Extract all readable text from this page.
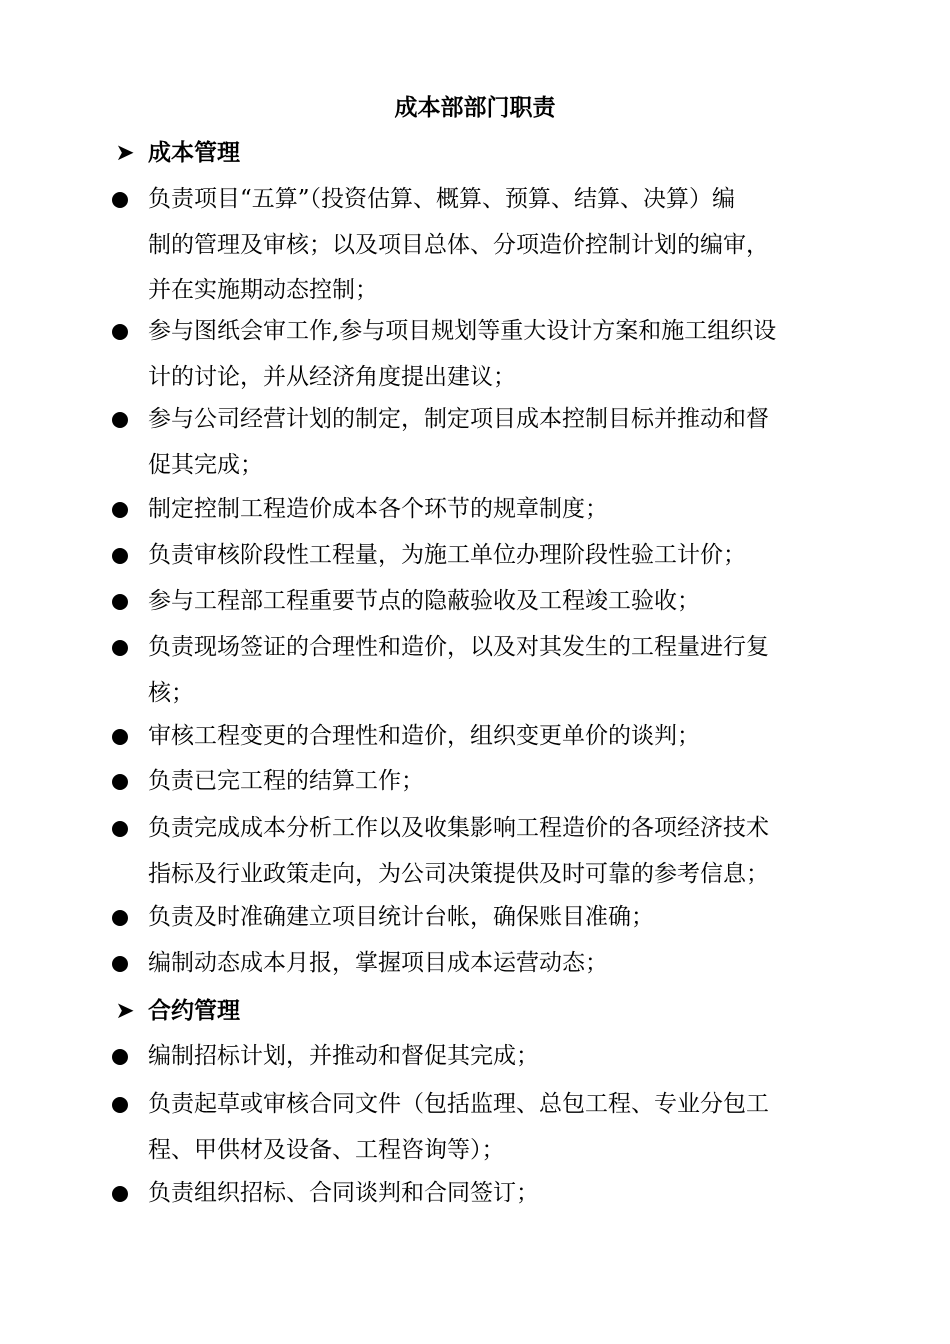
成本部部门职责
➤ 成本管理
负责项目“五算”（投资估算、概算、预算、结算、决算）编
制的管理及审核；以及项目总体、分项造价控制计划的编审，
并在实施期动态控制；
参与图纸会审工作,参与项目规划等重大设计方案和施工组织设
计的讨论，并从经济角度提出建议；
参与公司经营计划的制定，制定项目成本控制目标并推动和督
促其完成；
制定控制工程造价成本各个环节的规章制度；
负责审核阶段性工程量，为施工单位办理阶段性验工计价；
参与工程部工程重要节点的隐蔽验收及工程竣工验收；
负责现场签证的合理性和造价，以及对其发生的工程量进行复
核；
审核工程变更的合理性和造价，组织变更单价的谈判；
负责已完工程的结算工作；
负责完成成本分析工作以及收集影响工程造价的各项经济技术
指标及行业政策走向，为公司决策提供及时可靠的参考信息；
负责及时准确建立项目统计台帐，确保账目准确；
编制动态成本月报，掌握项目成本运营动态；
➤ 合约管理
编制招标计划，并推动和督促其完成；
负责起草或审核合同文件（包括监理、总包工程、专业分包工
程、甲供材及设备、工程咨询等）；
负责组织招标、合同谈判和合同签订；
